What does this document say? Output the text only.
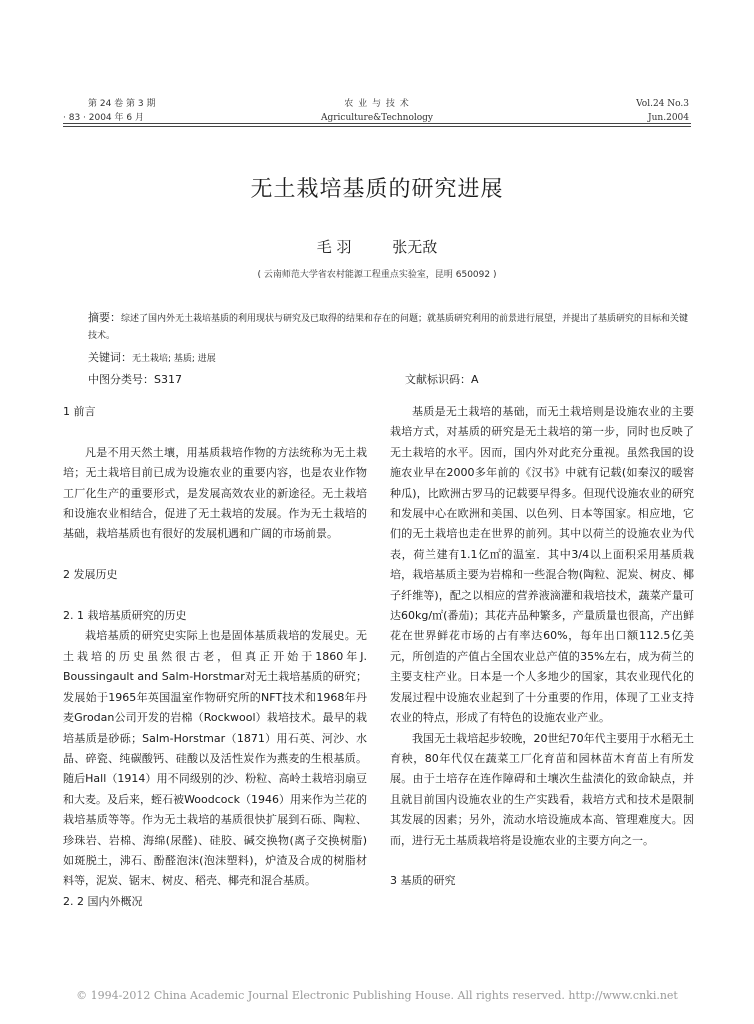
第 24 卷 第 3 期
· 83 · 2004 年 6 月
农 业 与 技 术
Agriculture&Technology
Vol.24 No.3
Jun.2004
无土栽培基质的研究进展
毛 羽	张无敌
( 云南师范大学省农村能源工程重点实验室，昆明 650092 )
摘要：综述了国内外无土栽培基质的利用现状与研究及已取得的结果和存在的问题；就基质研究利用的前景进行展望，并提出了基质研究的目标和关键技术。
关键词：无土栽培; 基质; 进展
中图分类号：S317	文献标识码：A

1 前言

凡是不用天然土壤，用基质栽培作物的方法统称为无土栽培；无土栽培目前已成为设施农业的重要内容，也是农业作物工厂化生产的重要形式，是发展高效农业的新途径。无土栽培和设施农业相结合，促进了无土栽培的发展。作为无土栽培的基础，栽培基质也有很好的发展机遇和广阔的市场前景。

2 发展历史

2. 1 栽培基质研究的历史

栽培基质的研究史实际上也是固体基质栽培的发展史。无土栽培的历史虽然很古老，但真正开始于1860年J. Boussingault and Salm-Horstmar对无土栽培基质的研究；发展始于1965年英国温室作物研究所的NFT技术和1968年丹麦Grodan公司开发的岩棉（Rockwool）栽培技术。最早的栽培基质是砂砾；Salm-Horstmar（1871）用石英、河沙、水晶、碎瓷、纯碳酸钙、硅酸以及活性炭作为燕麦的生根基质。随后Hall（1914）用不同级别的沙、粉粒、高岭土栽培羽扇豆和大麦。及后来，蛭石被Woodcock（1946）用来作为兰花的栽培基质等等。作为无土栽培的基质很快扩展到石砾、陶粒、珍珠岩、岩棉、海绵(尿醛)、硅胶、碱交换物(离子交换树脂) 如斑脱土，沸石、酚醛泡沫(泡沫塑料)，炉渣及合成的树脂材料等，泥炭、锯末、树皮、稻壳、椰壳和混合基质。

2. 2 国内外概况

基质是无土栽培的基础，而无土栽培则是设施农业的主要栽培方式，对基质的研究是无土栽培的第一步，同时也反映了无土栽培的水平。因而，国内外对此充分重视。虽然我国的设施农业早在2000多年前的《汉书》中就有记载(如秦汉的暖窖种瓜)，比欧洲古罗马的记载要早得多。但现代设施农业的研究和发展中心在欧洲和美国、以色列、日本等国家。相应地，它们的无土栽培也走在世界的前列。其中以荷兰的设施农业为代表，荷兰建有1.1亿㎡的温室．其中3/4以上面积采用基质栽培，栽培基质主要为岩棉和一些混合物(陶粒、泥炭、树皮、椰子纤维等)，配之以相应的营养液滴灌和栽培技术，蔬菜产量可达60kg/㎡(番茄)；其花卉品种繁多，产量质量也很高，产出鲜花在世界鲜花市场的占有率达60%，每年出口额112.5亿美元，所创造的产值占全国农业总产值的35%左右，成为荷兰的主要支柱产业。日本是一个人多地少的国家，其农业现代化的发展过程中设施农业起到了十分重要的作用，体现了工业支持农业的特点，形成了有特色的设施农业产业。

我国无土栽培起步较晚，20世纪70年代主要用于水稻无土育秧，80年代仅在蔬菜工厂化育苗和园林苗木育苗上有所发展。由于土培存在连作障碍和土壤次生盐渍化的致命缺点，并且就目前国内设施农业的生产实践看，栽培方式和技术是限制其发展的因素；另外，流动水培设施成本高、管理难度大。因而，进行无土基质栽培将是设施农业的主要方向之一。

3 基质的研究

© 1994-2012 China Academic Journal Electronic Publishing House. All rights reserved. http://www.cnki.net
